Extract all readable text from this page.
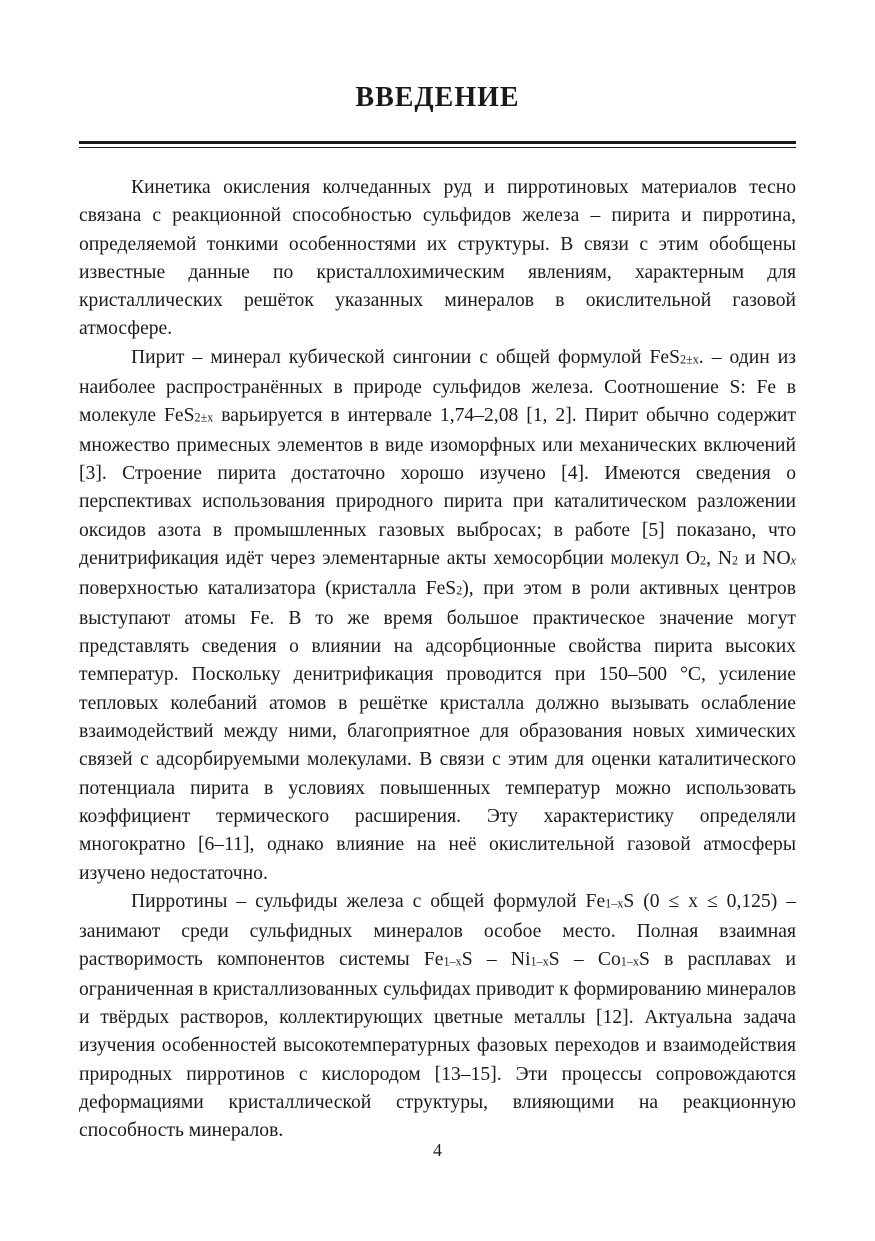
ВВЕДЕНИЕ

Кинетика окисления колчеданных руд и пирротиновых материалов тесно связана с реакционной способностью сульфидов железа – пирита и пирротина, определяемой тонкими особенностями их структуры. В связи с этим обобщены известные данные по кристаллохимическим явлениям, характерным для кристаллических решёток указанных минералов в окислительной газовой атмосфере.

Пирит – минерал кубической сингонии с общей формулой FeS$_{2\pm x}$. – один из наиболее распространённых в природе сульфидов железа. Соотношение S: Fe в молекуле FeS$_{2\pm x}$ варьируется в интервале 1,74–2,08 [1, 2]. Пирит обычно содержит множество примесных элементов в виде изоморфных или механических включений [3]. Строение пирита достаточно хорошо изучено [4]. Имеются сведения о перспективах использования природного пирита при каталитическом разложении оксидов азота в промышленных газовых выбросах; в работе [5] показано, что денитрификация идёт через элементарные акты хемосорбции молекул $O_2$, $N_2$ и $NO_x$ поверхностью катализатора (кристалла FeS$_2$), при этом в роли активных центров выступают атомы Fe. В то же время большое практическое значение могут представлять сведения о влиянии на адсорбционные свойства пирита высоких температур. Поскольку денитрификация проводится при 150–500 °C, усиление тепловых колебаний атомов в решётке кристалла должно вызывать ослабление взаимодействий между ними, благоприятное для образования новых химических связей с адсорбируемыми молекулами. В связи с этим для оценки каталитического потенциала пирита в условиях повышенных температур можно использовать коэффициент термического расширения. Эту характеристику определяли многократно [6–11], однако влияние на неё окислительной газовой атмосферы изучено недостаточно.

Пирротины – сульфиды железа с общей формулой $Fe_{1-x}S$ (0 ≤ x ≤ 0,125) – занимают среди сульфидных минералов особое место. Полная взаимная растворимость компонентов системы $Fe_{1-x}S - Ni_{1-x}S - Co_{1-x}S$ в расплавах и ограниченная в кристаллизованных сульфидах приводит к формированию минералов и твёрдых растворов, коллектирующих цветные металлы [12]. Актуальна задача изучения особенностей высокотемпературных фазовых переходов и взаимодействия природных пирротинов с кислородом [13–15]. Эти процессы сопровождаются деформациями кристаллической структуры, влияющими на реакционную способность минералов.

4
